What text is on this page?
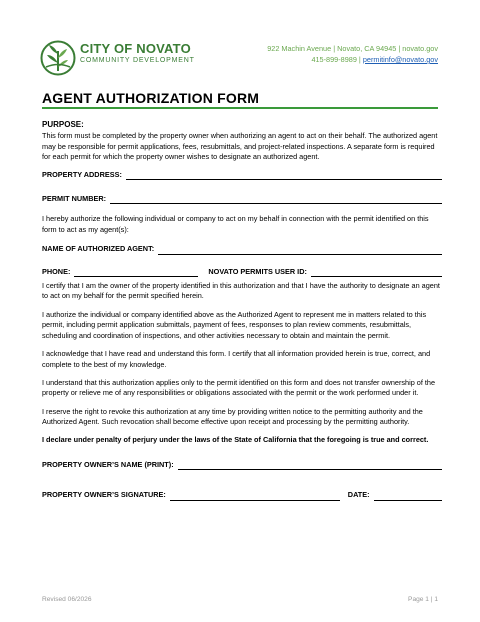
CITY OF NOVATO
COMMUNITY DEVELOPMENT
922 Machin Avenue | Novato, CA 94945 | novato.gov
415-899-8989 | permitinfo@novato.gov
AGENT AUTHORIZATION FORM
PURPOSE:

This form must be completed by the property owner when authorizing an agent to act on their behalf. The authorized agent may be responsible for permit applications, fees, resubmittals, and project-related inspections. A separate form is required for each permit for which the property owner wishes to designate an authorized agent.

PROPERTY ADDRESS:
PERMIT NUMBER:

I hereby authorize the following individual or company to act on my behalf in connection with the permit identified on this form to act as my agent(s):

NAME OF AUTHORIZED AGENT:
PHONE:	NOVATO PERMITS USER ID:

I certify that I am the owner of the property identified in this authorization and that I have the authority to designate an agent to act on my behalf for the permit specified herein.

I authorize the individual or company identified above as the Authorized Agent to represent me in matters related to this permit, including permit application submittals, payment of fees, responses to plan review comments, resubmittals, scheduling and coordination of inspections, and other activities necessary to obtain and maintain the permit.

I acknowledge that I have read and understand this form. I certify that all information provided herein is true, correct, and complete to the best of my knowledge.

I understand that this authorization applies only to the permit identified on this form and does not transfer ownership of the property or relieve me of any responsibilities or obligations associated with the permit or the work performed under it.

I reserve the right to revoke this authorization at any time by providing written notice to the permitting authority and the Authorized Agent. Such revocation shall become effective upon receipt and processing by the permitting authority.

I declare under penalty of perjury under the laws of the State of California that the foregoing is true and correct.

PROPERTY OWNER’S NAME (PRINT):
PROPERTY OWNER’S SIGNATURE:	DATE:
Revised 06/2026	Page 1 | 1
